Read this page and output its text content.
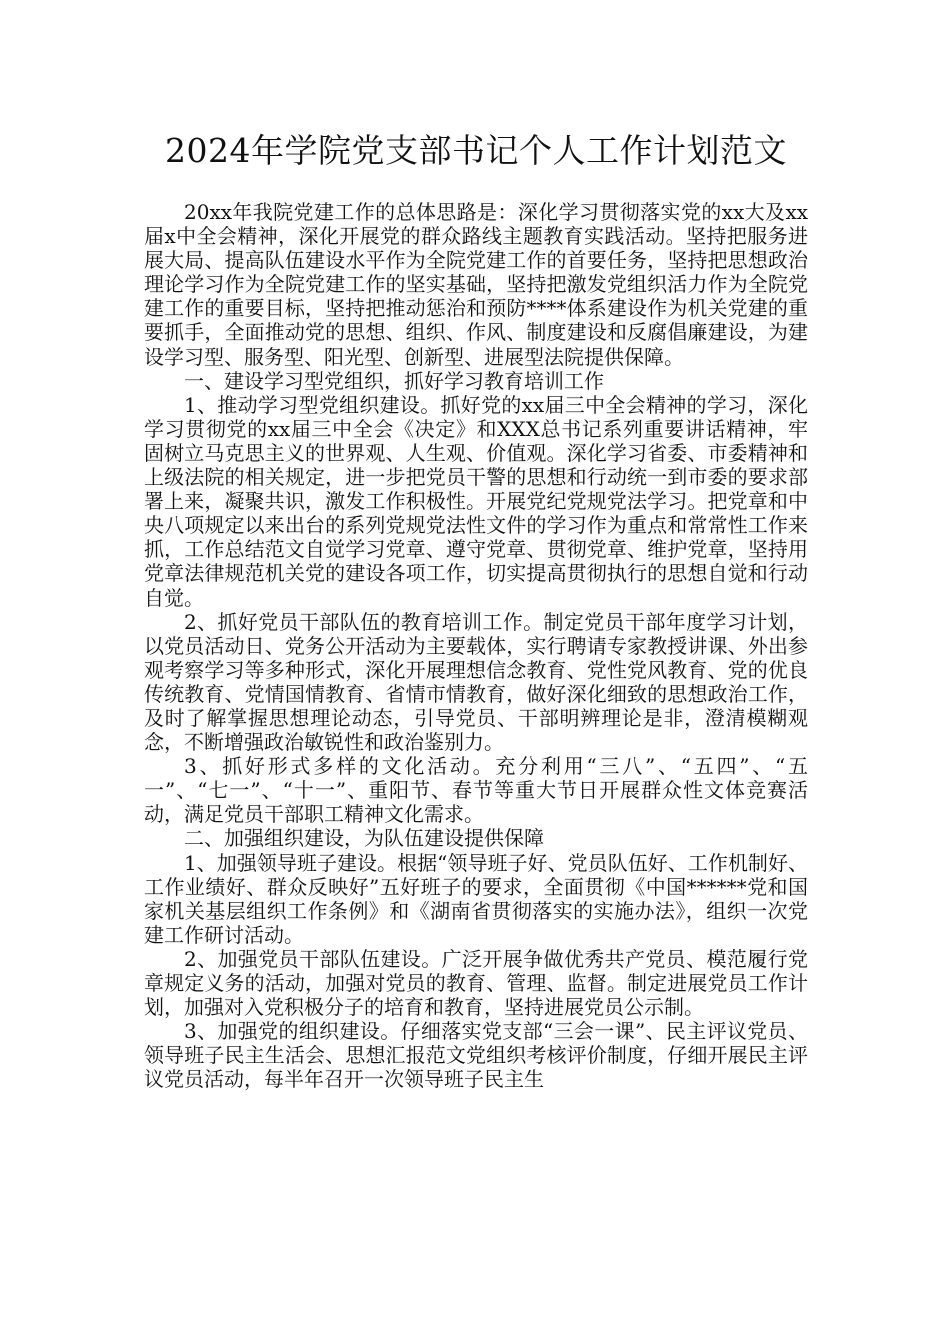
2024年学院党支部书记个人工作计划范文

20xx年我院党建工作的总体思路是：深化学习贯彻落实党的xx大及xx届x中全会精神，深化开展党的群众路线主题教育实践活动。坚持把服务进展大局、提高队伍建设水平作为全院党建工作的首要任务，坚持把思想政治理论学习作为全院党建工作的坚实基础，坚持把激发党组织活力作为全院党建工作的重要目标，坚持把推动惩治和预防****体系建设作为机关党建的重要抓手，全面推动党的思想、组织、作风、制度建设和反腐倡廉建设，为建设学习型、服务型、阳光型、创新型、进展型法院提供保障。

一、建设学习型党组织，抓好学习教育培训工作

1、推动学习型党组织建设。抓好党的xx届三中全会精神的学习，深化学习贯彻党的xx届三中全会《决定》和XXX总书记系列重要讲话精神，牢固树立马克思主义的世界观、人生观、价值观。深化学习省委、市委精神和上级法院的相关规定，进一步把党员干警的思想和行动统一到市委的要求部署上来，凝聚共识，激发工作积极性。开展党纪党规党法学习。把党章和中央八项规定以来出台的系列党规党法性文件的学习作为重点和常常性工作来抓，工作总结范文自觉学习党章、遵守党章、贯彻党章、维护党章，坚持用党章法律规范机关党的建设各项工作，切实提高贯彻执行的思想自觉和行动自觉。

2、抓好党员干部队伍的教育培训工作。制定党员干部年度学习计划，以党员活动日、党务公开活动为主要载体，实行聘请专家教授讲课、外出参观考察学习等多种形式，深化开展理想信念教育、党性党风教育、党的优良传统教育、党情国情教育、省情市情教育，做好深化细致的思想政治工作，及时了解掌握思想理论动态，引导党员、干部明辨理论是非，澄清模糊观念，不断增强政治敏锐性和政治鉴别力。

3、抓好形式多样的文化活动。充分利用“三八”、“五四”、“五一”、“七一”、“十一”、重阳节、春节等重大节日开展群众性文体竞赛活动，满足党员干部职工精神文化需求。

二、加强组织建设，为队伍建设提供保障

1、加强领导班子建设。根据“领导班子好、党员队伍好、工作机制好、工作业绩好、群众反映好”五好班子的要求，全面贯彻《中国******党和国家机关基层组织工作条例》和《湖南省贯彻落实的实施办法》，组织一次党建工作研讨活动。

2、加强党员干部队伍建设。广泛开展争做优秀共产党员、模范履行党章规定义务的活动，加强对党员的教育、管理、监督。制定进展党员工作计划，加强对入党积极分子的培育和教育，坚持进展党员公示制。

3、加强党的组织建设。仔细落实党支部“三会一课”、民主评议党员、领导班子民主生活会、思想汇报范文党组织考核评价制度，仔细开展民主评议党员活动，每半年召开一次领导班子民主生
